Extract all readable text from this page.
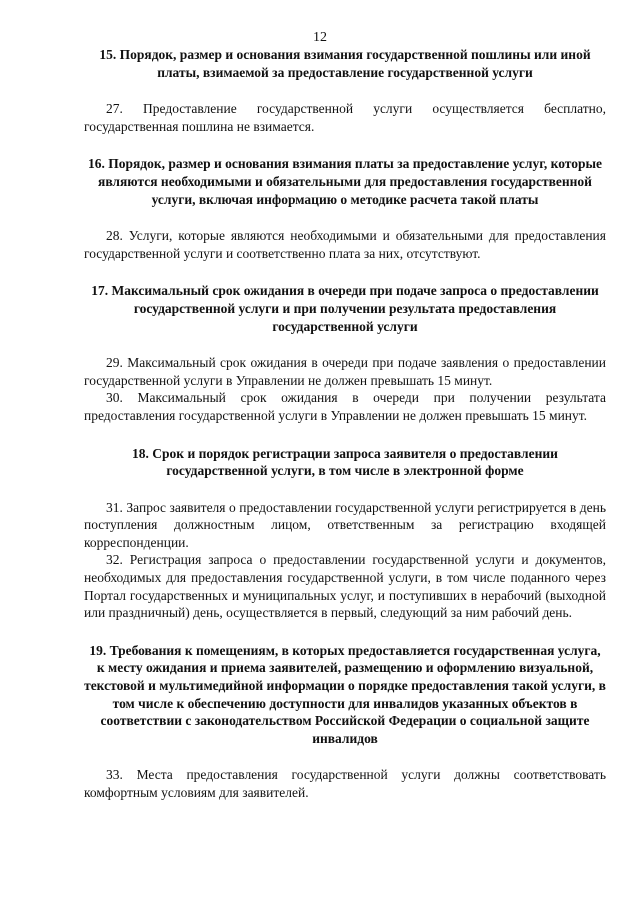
12

15. Порядок, размер и основания взимания государственной пошлины или иной платы, взимаемой за предоставление государственной услуги

27. Предоставление государственной услуги осуществляется бесплатно, государственная пошлина не взимается.

16. Порядок, размер и основания взимания платы за предоставление услуг, которые являются необходимыми и обязательными для предоставления государственной услуги, включая информацию о методике расчета такой платы

28. Услуги, которые являются необходимыми и обязательными для предоставления государственной услуги и соответственно плата за них, отсутствуют.

17. Максимальный срок ожидания в очереди при подаче запроса о предоставлении государственной услуги и при получении результата предоставления государственной услуги

29. Максимальный срок ожидания в очереди при подаче заявления о предоставлении государственной услуги в Управлении не должен превышать 15 минут.

30. Максимальный срок ожидания в очереди при получении результата предоставления государственной услуги в Управлении не должен превышать 15 минут.

18. Срок и порядок регистрации запроса заявителя о предоставлении государственной услуги, в том числе в электронной форме

31. Запрос заявителя о предоставлении государственной услуги регистрируется в день поступления должностным лицом, ответственным за регистрацию входящей корреспонденции.

32. Регистрация запроса о предоставлении государственной услуги и документов, необходимых для предоставления государственной услуги, в том числе поданного через Портал государственных и муниципальных услуг, и поступивших в нерабочий (выходной или праздничный) день, осуществляется в первый, следующий за ним рабочий день.

19. Требования к помещениям, в которых предоставляется государственная услуга, к месту ожидания и приема заявителей, размещению и оформлению визуальной, текстовой и мультимедийной информации о порядке предоставления такой услуги, в том числе к обеспечению доступности для инвалидов указанных объектов в соответствии с законодательством Российской Федерации о социальной защите инвалидов

33. Места предоставления государственной услуги должны соответствовать комфортным условиям для заявителей.
